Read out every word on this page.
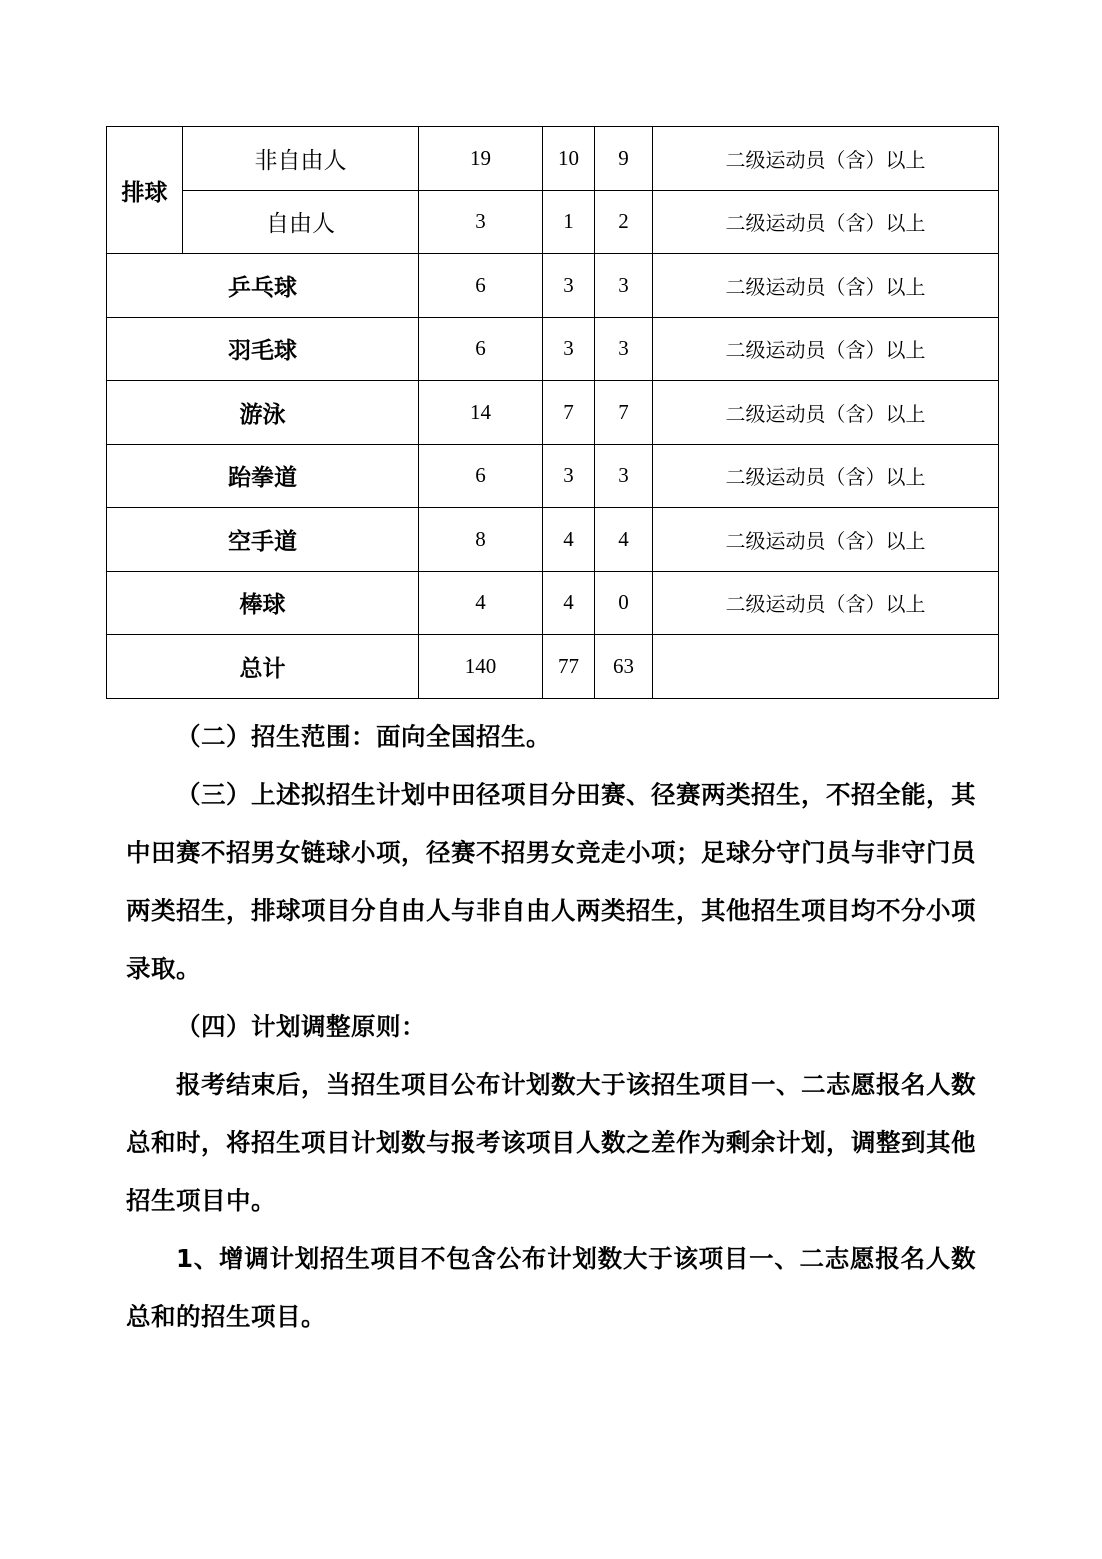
排球	非自由人	19	10	9	二级运动员（含）以上
	自由人	3	1	2	二级运动员（含）以上
乒乓球		6	3	3	二级运动员（含）以上
羽毛球		6	3	3	二级运动员（含）以上
游泳		14	7	7	二级运动员（含）以上
跆拳道		6	3	3	二级运动员（含）以上
空手道		8	4	4	二级运动员（含）以上
棒球		4	4	0	二级运动员（含）以上
总计		140	77	63	

（二）招生范围：面向全国招生。

（三）上述拟招生计划中田径项目分田赛、径赛两类招生，不招全能，其中田赛不招男女链球小项，径赛不招男女竞走小项；足球分守门员与非守门员两类招生，排球项目分自由人与非自由人两类招生，其他招生项目均不分小项录取。

（四）计划调整原则：

报考结束后，当招生项目公布计划数大于该招生项目一、二志愿报名人数总和时，将招生项目计划数与报考该项目人数之差作为剩余计划，调整到其他招生项目中。

1、增调计划招生项目不包含公布计划数大于该项目一、二志愿报名人数总和的招生项目。
